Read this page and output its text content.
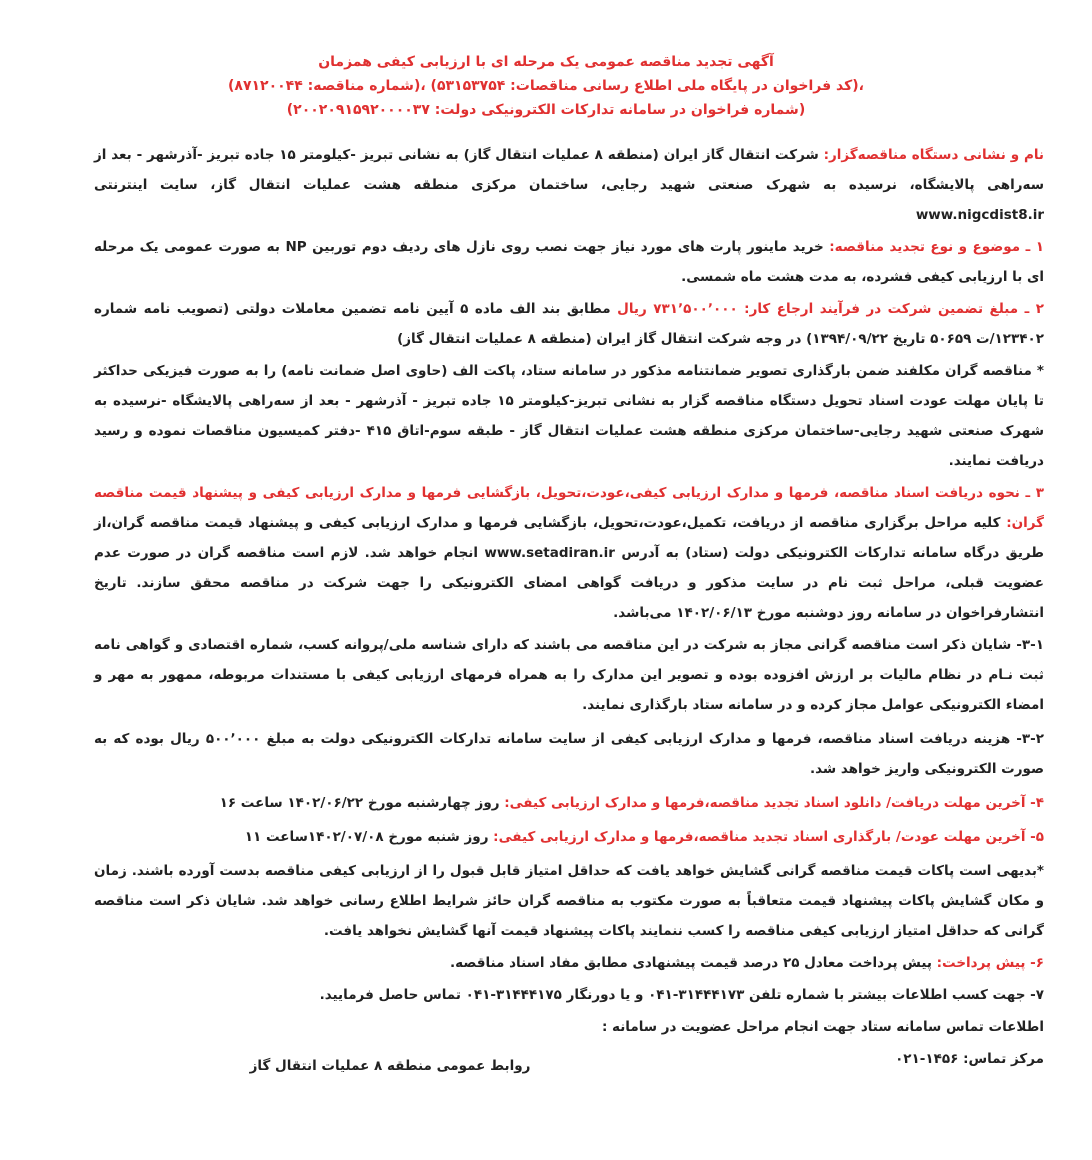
آگهی تجدید مناقصه عمومی یک مرحله ای با ارزیابی کیفی همزمان
(شماره مناقصه: ۸۷۱۲۰۰۴۴)، (کد فراخوان در پایگاه ملی اطلاع رسانی مناقصات: ۵۳۱۵۳۷۵۴)،
(شماره فراخوان در سامانه تدارکات الکترونیکی دولت: ۲۰۰۲۰۹۱۵۹۲۰۰۰۰۳۷)

نام و نشانی دستگاه مناقصه‌گزار: شرکت انتقال گاز ایران (منطقه ۸ عملیات انتقال گاز) به نشانی تبریز -کیلومتر ۱۵ جاده تبریز -آذرشهر - بعد از سه‌راهی پالایشگاه، نرسیده به شهرک صنعتی شهید رجایی، ساختمان مرکزی منطقه هشت عملیات انتقال گاز، سایت اینترنتی www.nigcdist8.ir

۱ ـ موضوع و نوع تجدید مناقصه: خرید ماینور پارت های مورد نیاز جهت نصب روی نازل های ردیف دوم توربین NP به صورت عمومی یک مرحله ای با ارزیابی کیفی فشرده، به مدت هشت ماه شمسی.

۲ ـ مبلغ تضمین شرکت در فرآیند ارجاع کار: ۷۳۱٬۵۰۰٬۰۰۰ ریال مطابق بند الف ماده ۵ آیین نامه تضمین معاملات دولتی (تصویب نامه شماره ۱۲۳۴۰۲/ت ۵۰۶۵۹ تاریخ ۱۳۹۴/۰۹/۲۲) در وجه شرکت انتقال گاز ایران (منطقه ۸ عملیات انتقال گاز)

* مناقصه گران مکلفند ضمن بارگذاری تصویر ضمانتنامه مذکور در سامانه ستاد، پاکت الف (حاوی اصل ضمانت نامه) را به صورت فیزیکی حداکثر تا پایان مهلت عودت اسناد تحویل دستگاه مناقصه گزار به نشانی تبریز-کیلومتر ۱۵ جاده تبریز - آذرشهر - بعد از سه‌راهی پالایشگاه -نرسیده به شهرک صنعتی شهید رجایی-ساختمان مرکزی منطقه هشت عملیات انتقال گاز - طبقه سوم-اتاق ۴۱۵ -دفتر کمیسیون مناقصات نموده و رسید دریافت نمایند.

۳ ـ نحوه دریافت اسناد مناقصه، فرمها و مدارک ارزیابی کیفی،عودت،تحویل، بازگشایی فرمها و مدارک ارزیابی کیفی و پیشنهاد قیمت مناقصه گران: کلیه مراحل برگزاری مناقصه از دریافت، تکمیل،عودت،تحویل، بازگشایی فرمها و مدارک ارزیابی کیفی و پیشنهاد قیمت مناقصه گران،از طریق درگاه سامانه تدارکات الکترونیکی دولت (ستاد) به آدرس www.setadiran.ir انجام خواهد شد. لازم است مناقصه گران در صورت عدم عضویت قبلی، مراحل ثبت نام در سایت مذکور و دریافت گواهی امضای الکترونیکی را جهت شرکت در مناقصه محقق سازند. تاریخ انتشارفراخوان در سامانه روز دوشنبه مورخ ۱۴۰۲/۰۶/۱۳ می‌باشد.

۳-۱- شایان ذکر است مناقصه گرانی مجاز به شرکت در این مناقصه می باشند که دارای شناسه ملی/پروانه کسب، شماره اقتصادی و گواهی نامه ثبت نـام در نظام مالیات بر ارزش افزوده بوده و تصویر این مدارک را به همراه فرمهای ارزیابی کیفی با مستندات مربوطه، ممهور به مهر و امضاء الکترونیکی عوامل مجاز کرده و در سامانه ستاد بارگذاری نمایند.

۳-۲- هزینه دریافت اسناد مناقصه، فرمها و مدارک ارزیابی کیفی از سایت سامانه تدارکات الکترونیکی دولت به مبلغ ۵۰۰٬۰۰۰ ریال بوده که به صورت الکترونیکی واریز خواهد شد.

۴- آخرین مهلت دریافت/ دانلود اسناد تجدید مناقصه،فرمها و مدارک ارزیابی کیفی: روز چهارشنبه مورخ ۱۴۰۲/۰۶/۲۲ ساعت ۱۶

۵- آخرین مهلت عودت/ بارگذاری اسناد تجدید مناقصه،فرمها و مدارک ارزیابی کیفی: روز شنبه مورخ ۱۴۰۲/۰۷/۰۸ساعت ۱۱

*بدیهی است پاکات قیمت مناقصه گرانی گشایش خواهد یافت که حداقل امتیاز قابل قبول را از ارزیابی کیفی مناقصه بدست آورده باشند. زمان و مکان گشایش پاکات پیشنهاد قیمت متعاقباً به صورت مکتوب به مناقصه گران حائز شرایط اطلاع رسانی خواهد شد. شایان ذکر است مناقصه گرانی که حداقل امتیاز ارزیابی کیفی مناقصه را کسب ننمایند پاکات پیشنهاد قیمت آنها گشایش نخواهد یافت.

۶- پیش پرداخت: پیش پرداخت معادل ۲۵ درصد قیمت پیشنهادی مطابق مفاد اسناد مناقصه.

۷- جهت کسب اطلاعات بیشتر با شماره تلفن ۳۱۴۴۴۱۷۳-۰۴۱ و یا دورنگار ۳۱۴۴۴۱۷۵-۰۴۱ تماس حاصل فرمایید.

اطلاعات تماس سامانه ستاد جهت انجام مراحل عضویت در سامانه :

مرکز تماس: ۱۴۵۶-۰۲۱

روابط عمومی منطقه ۸ عملیات انتقال گاز
